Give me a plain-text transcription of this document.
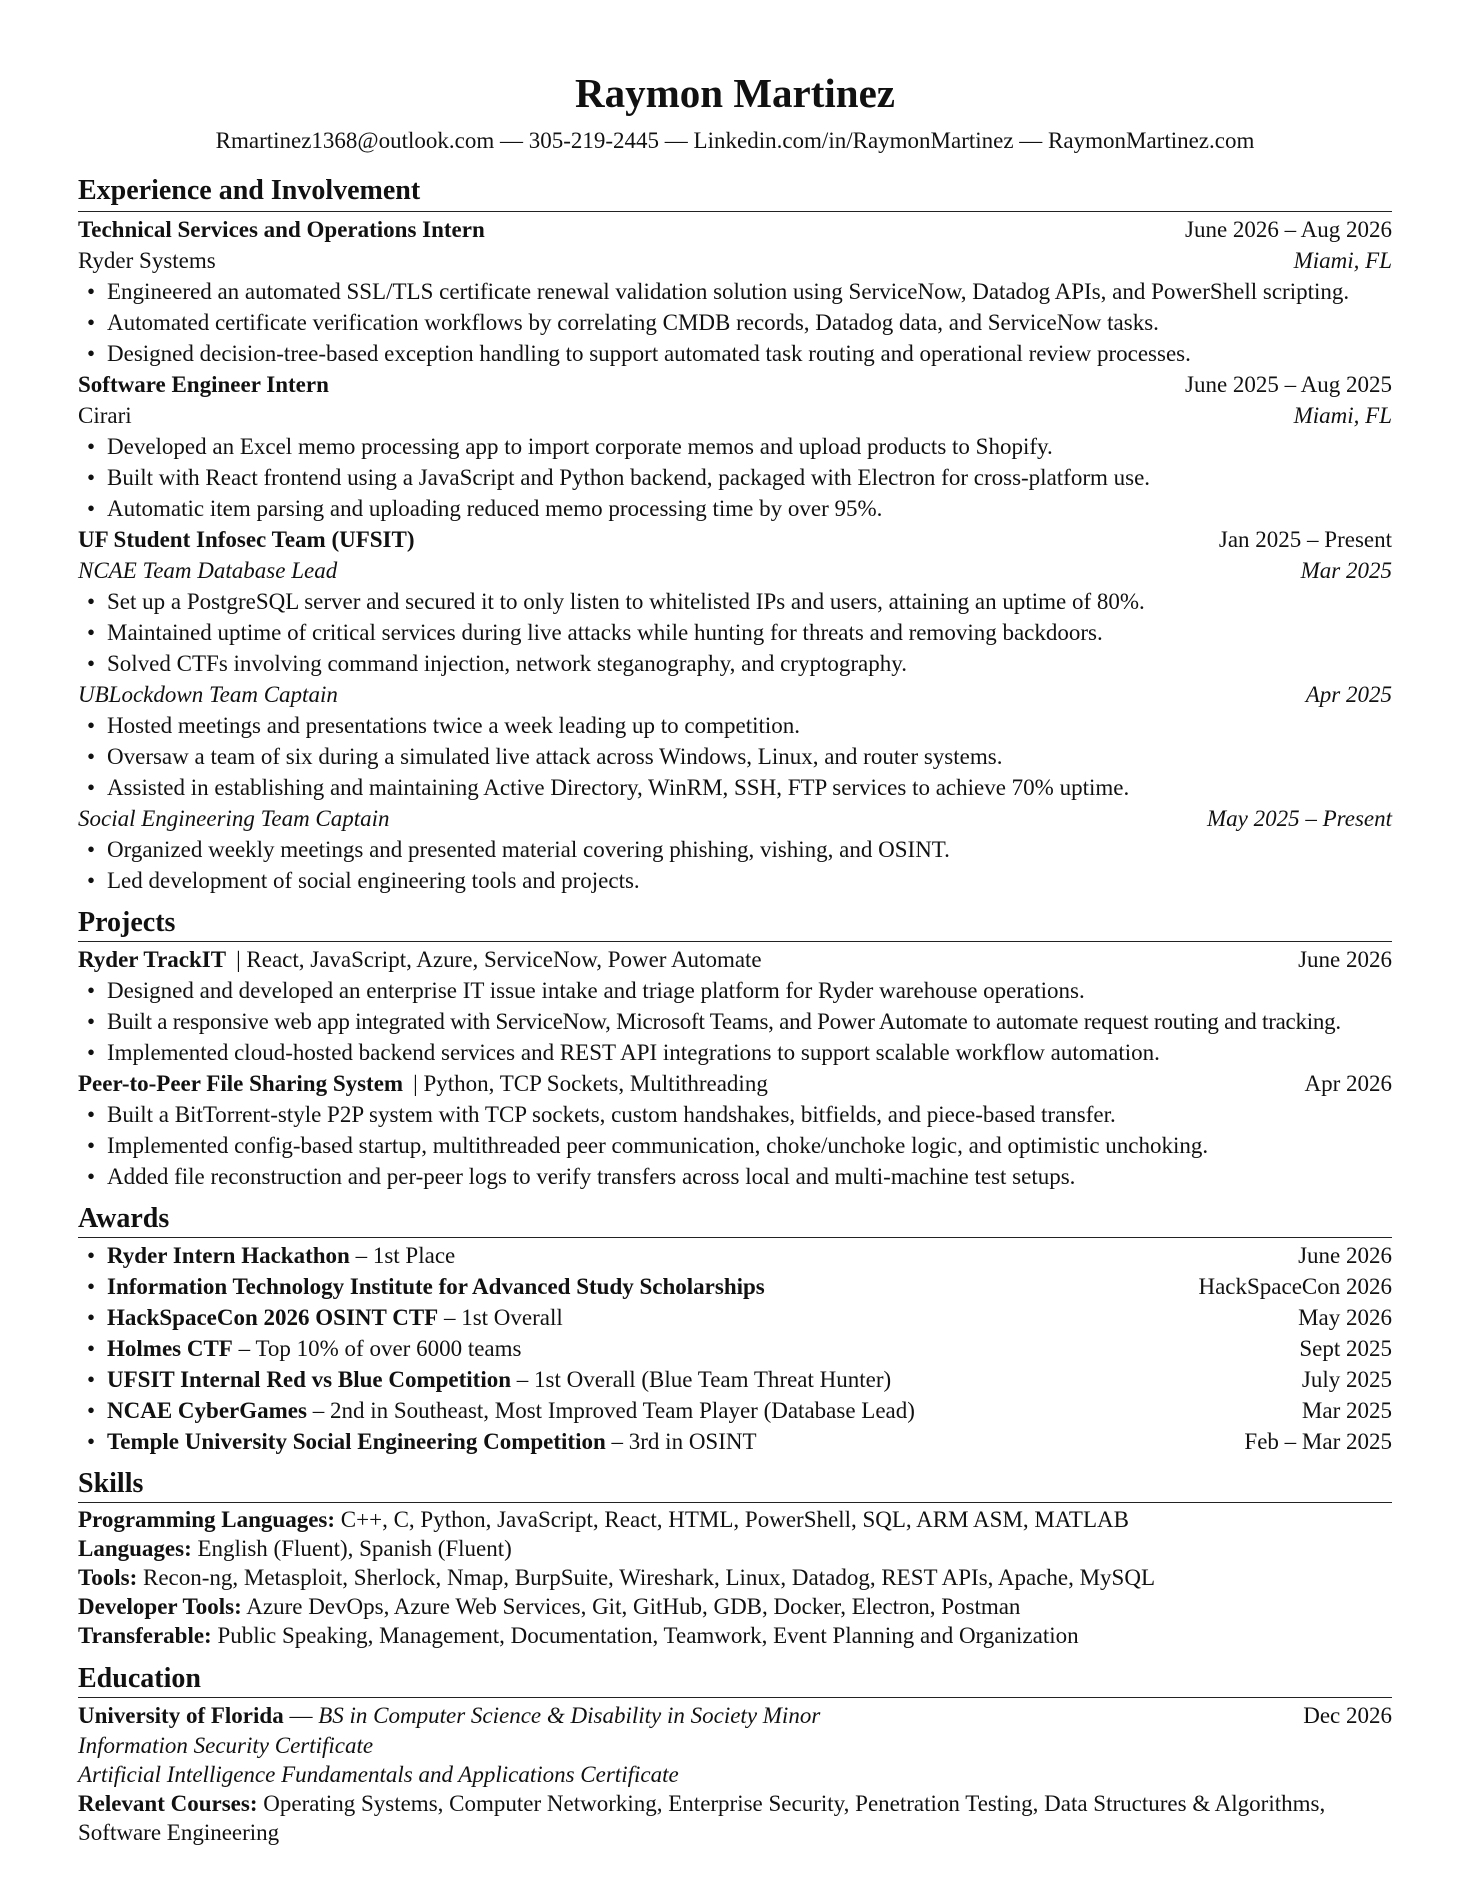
Raymon Martinez

Rmartinez1368@outlook.com — 305-219-2445 — Linkedin.com/in/RaymonMartinez — RaymonMartinez.com

Experience and Involvement
Technical Services and Operations Intern	June 2026 – Aug 2026
Ryder Systems	Miami, FL
• Engineered an automated SSL/TLS certificate renewal validation solution using ServiceNow, Datadog APIs, and PowerShell scripting.
• Automated certificate verification workflows by correlating CMDB records, Datadog data, and ServiceNow tasks.
• Designed decision-tree-based exception handling to support automated task routing and operational review processes.
Software Engineer Intern	June 2025 – Aug 2025
Cirari	Miami, FL
• Developed an Excel memo processing app to import corporate memos and upload products to Shopify.
• Built with React frontend using a JavaScript and Python backend, packaged with Electron for cross-platform use.
• Automatic item parsing and uploading reduced memo processing time by over 95%.
UF Student Infosec Team (UFSIT)	Jan 2025 – Present
NCAE Team Database Lead	Mar 2025
• Set up a PostgreSQL server and secured it to only listen to whitelisted IPs and users, attaining an uptime of 80%.
• Maintained uptime of critical services during live attacks while hunting for threats and removing backdoors.
• Solved CTFs involving command injection, network steganography, and cryptography.
UBLockdown Team Captain	Apr 2025
• Hosted meetings and presentations twice a week leading up to competition.
• Oversaw a team of six during a simulated live attack across Windows, Linux, and router systems.
• Assisted in establishing and maintaining Active Directory, WinRM, SSH, FTP services to achieve 70% uptime.
Social Engineering Team Captain	May 2025 – Present
• Organized weekly meetings and presented material covering phishing, vishing, and OSINT.
• Led development of social engineering tools and projects.
Projects
Ryder TrackIT | React, JavaScript, Azure, ServiceNow, Power Automate	June 2026
• Designed and developed an enterprise IT issue intake and triage platform for Ryder warehouse operations.
• Built a responsive web app integrated with ServiceNow, Microsoft Teams, and Power Automate to automate request routing and tracking.
• Implemented cloud-hosted backend services and REST API integrations to support scalable workflow automation.
Peer-to-Peer File Sharing System | Python, TCP Sockets, Multithreading	Apr 2026
• Built a BitTorrent-style P2P system with TCP sockets, custom handshakes, bitfields, and piece-based transfer.
• Implemented config-based startup, multithreaded peer communication, choke/unchoke logic, and optimistic unchoking.
• Added file reconstruction and per-peer logs to verify transfers across local and multi-machine test setups.
Awards
• Ryder Intern Hackathon – 1st Place	June 2026
• Information Technology Institute for Advanced Study Scholarships	HackSpaceCon 2026
• HackSpaceCon 2026 OSINT CTF – 1st Overall	May 2026
• Holmes CTF – Top 10% of over 6000 teams	Sept 2025
• UFSIT Internal Red vs Blue Competition – 1st Overall (Blue Team Threat Hunter)	July 2025
• NCAE CyberGames – 2nd in Southeast, Most Improved Team Player (Database Lead)	Mar 2025
• Temple University Social Engineering Competition – 3rd in OSINT	Feb – Mar 2025
Skills
Programming Languages: C++, C, Python, JavaScript, React, HTML, PowerShell, SQL, ARM ASM, MATLAB
Languages: English (Fluent), Spanish (Fluent)
Tools: Recon-ng, Metasploit, Sherlock, Nmap, BurpSuite, Wireshark, Linux, Datadog, REST APIs, Apache, MySQL
Developer Tools: Azure DevOps, Azure Web Services, Git, GitHub, GDB, Docker, Electron, Postman
Transferable: Public Speaking, Management, Documentation, Teamwork, Event Planning and Organization
Education
University of Florida — BS in Computer Science & Disability in Society Minor	Dec 2026
Information Security Certificate
Artificial Intelligence Fundamentals and Applications Certificate
Relevant Courses: Operating Systems, Computer Networking, Enterprise Security, Penetration Testing, Data Structures & Algorithms, Software Engineering
